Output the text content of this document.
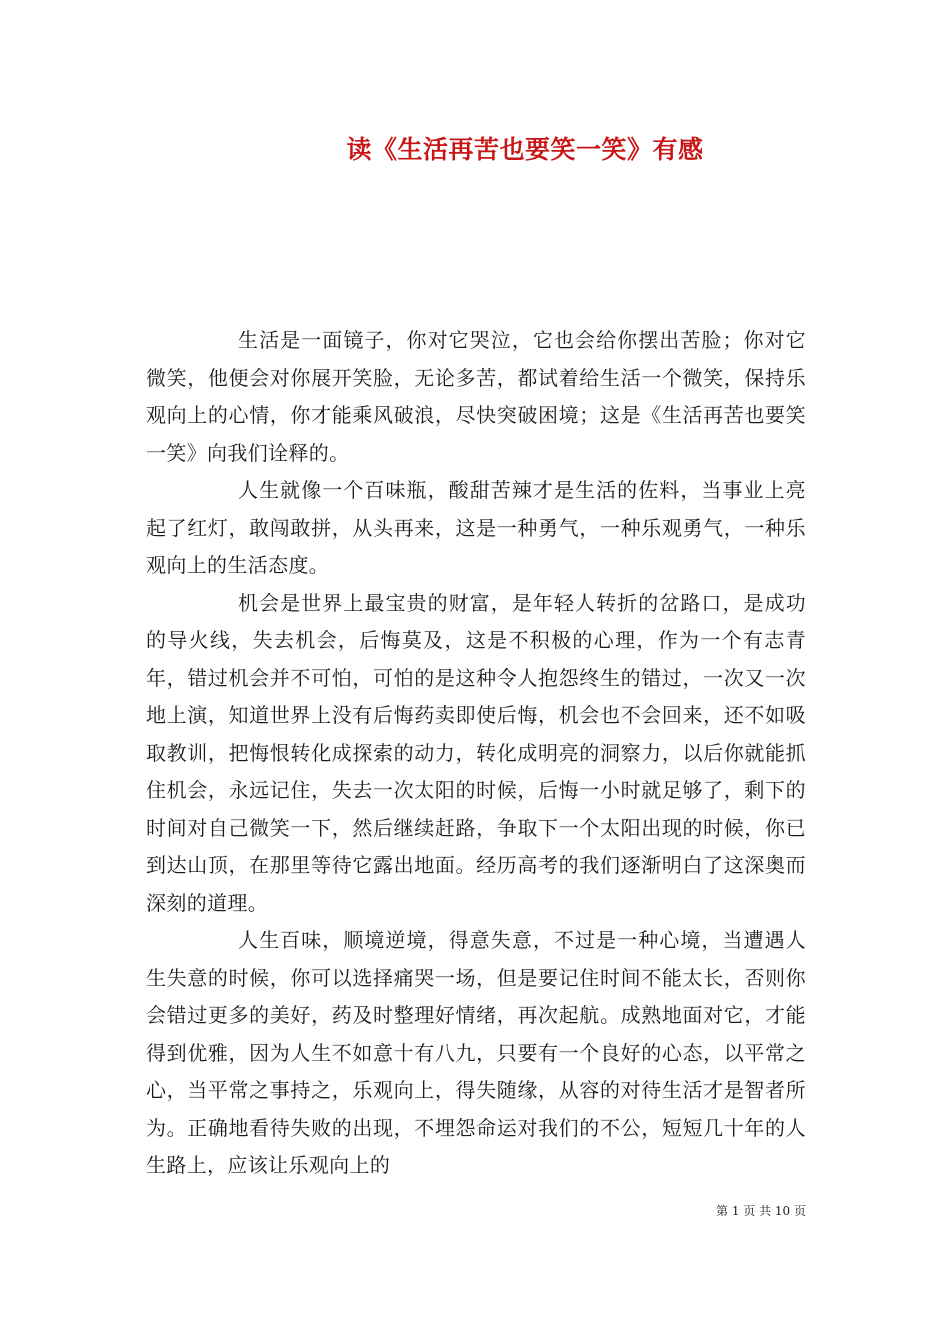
读《生活再苦也要笑一笑》有感

生活是一面镜子，你对它哭泣，它也会给你摆出苦脸；你对它微笑，他便会对你展开笑脸，无论多苦，都试着给生活一个微笑，保持乐观向上的心情，你才能乘风破浪，尽快突破困境；这是《生活再苦也要笑一笑》向我们诠释的。

人生就像一个百味瓶，酸甜苦辣才是生活的佐料，当事业上亮起了红灯，敢闯敢拼，从头再来，这是一种勇气，一种乐观勇气，一种乐观向上的生活态度。

机会是世界上最宝贵的财富，是年轻人转折的岔路口，是成功的导火线，失去机会，后悔莫及，这是不积极的心理，作为一个有志青年，错过机会并不可怕，可怕的是这种令人抱怨终生的错过，一次又一次地上演，知道世界上没有后悔药卖即使后悔，机会也不会回来，还不如吸取教训，把悔恨转化成探索的动力，转化成明亮的洞察力，以后你就能抓住机会，永远记住，失去一次太阳的时候，后悔一小时就足够了，剩下的时间对自己微笑一下，然后继续赶路，争取下一个太阳出现的时候，你已到达山顶，在那里等待它露出地面。经历高考的我们逐渐明白了这深奥而深刻的道理。

人生百味，顺境逆境，得意失意，不过是一种心境，当遭遇人生失意的时候，你可以选择痛哭一场，但是要记住时间不能太长，否则你会错过更多的美好，药及时整理好情绪，再次起航。成熟地面对它，才能得到优雅，因为人生不如意十有八九，只要有一个良好的心态，以平常之心，当平常之事持之，乐观向上，得失随缘，从容的对待生活才是智者所为。正确地看待失败的出现，不埋怨命运对我们的不公，短短几十年的人生路上，应该让乐观向上的

第 1 页 共 10 页
